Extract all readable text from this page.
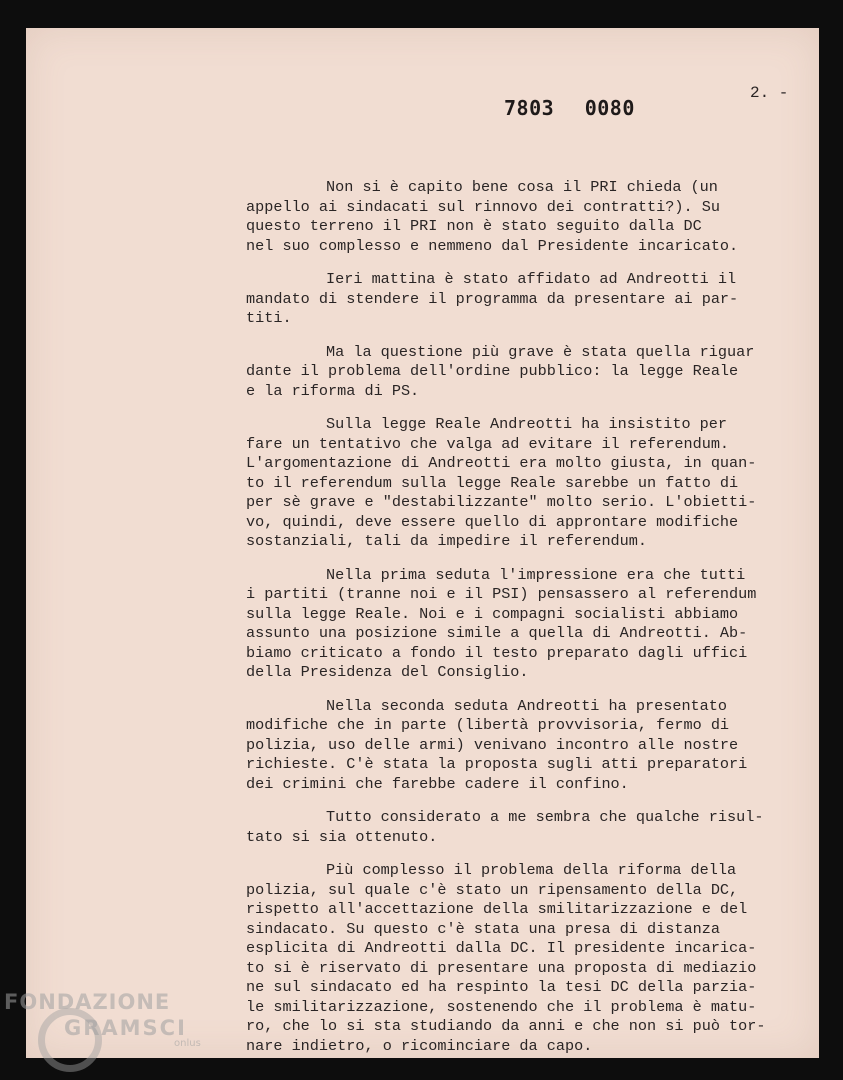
7803 0080
2. -
Non si è capito bene cosa il PRI chieda (un
appello ai sindacati sul rinnovo dei contratti?). Su
questo terreno il PRI non è stato seguito dalla DC
nel suo complesso e nemmeno dal Presidente incaricato.
Ieri mattina è stato affidato ad Andreotti il
mandato di stendere il programma da presentare ai par-
titi.
Ma la questione più grave è stata quella riguar
dante il problema dell'ordine pubblico: la legge Reale
e la riforma di PS.
Sulla legge Reale Andreotti ha insistito per
fare un tentativo che valga ad evitare il referendum.
L'argomentazione di Andreotti era molto giusta, in quan-
to il referendum sulla legge Reale sarebbe un fatto di
per sè grave e "destabilizzante" molto serio. L'obietti-
vo, quindi, deve essere quello di approntare modifiche
sostanziali, tali da impedire il referendum.
Nella prima seduta l'impressione era che tutti
i partiti (tranne noi e il PSI) pensassero al referendum
sulla legge Reale. Noi e i compagni socialisti abbiamo
assunto una posizione simile a quella di Andreotti. Ab-
biamo criticato a fondo il testo preparato dagli uffici
della Presidenza del Consiglio.
Nella seconda seduta Andreotti ha presentato
modifiche che in parte (libertà provvisoria, fermo di
polizia, uso delle armi) venivano incontro alle nostre
richieste. C'è stata la proposta sugli atti preparatori
dei crimini che farebbe cadere il confino.
Tutto considerato a me sembra che qualche risul-
tato si sia ottenuto.
Più complesso il problema della riforma della
polizia, sul quale c'è stato un ripensamento della DC,
rispetto all'accettazione della smilitarizzazione e del
sindacato. Su questo c'è stata una presa di distanza
esplicita di Andreotti dalla DC. Il presidente incarica-
to si è riservato di presentare una proposta di mediazio
ne sul sindacato ed ha respinto la tesi DC della parzia-
le smilitarizzazione, sostenendo che il problema è matu-
ro, che lo si sta studiando da anni e che non si può tor-
nare indietro, o ricominciare da capo.
FONDAZIONE
GRAMSCI
onlus
